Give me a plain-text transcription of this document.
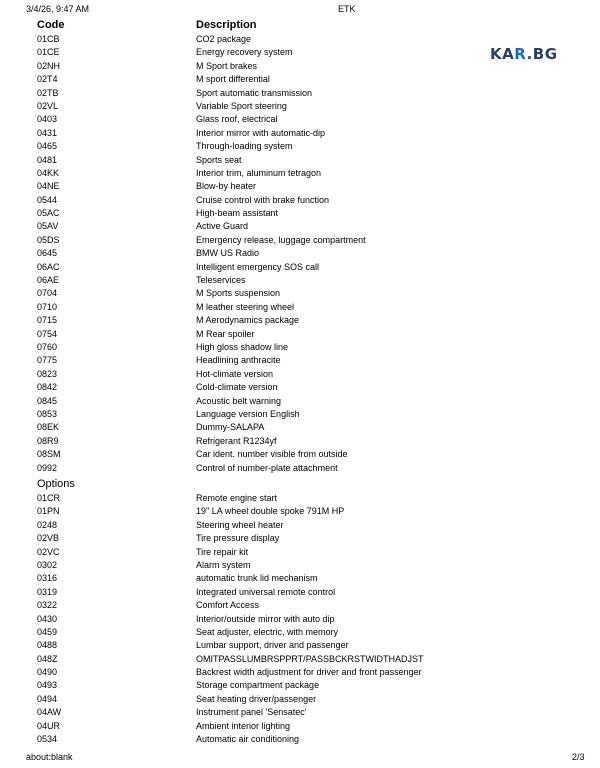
3/4/26, 9:47 AM	ETK
KAR.BG
Code	Description
01CB	CO2 package
01CE	Energy recovery system
02NH	M Sport brakes
02T4	M sport differential
02TB	Sport automatic transmission
02VL	Variable Sport steering
0403	Glass roof, electrical
0431	Interior mirror with automatic-dip
0465	Through-loading system
0481	Sports seat
04KK	Interior trim, aluminum tetragon
04NE	Blow-by heater
0544	Cruise control with brake function
05AC	High-beam assistant
05AV	Active Guard
05DS	Emergency release, luggage compartment
0645	BMW US Radio
06AC	Intelligent emergency SOS call
06AE	Teleservices
0704	M Sports suspension
0710	M leather steering wheel
0715	M Aerodynamics package
0754	M Rear spoiler
0760	High gloss shadow line
0775	Headlining anthracite
0823	Hot-climate version
0842	Cold-climate version
0845	Acoustic belt warning
0853	Language version English
08EK	Dummy-SALAPA
08R9	Refrigerant R1234yf
08SM	Car ident. number visible from outside
0992	Control of number-plate attachment
Options
01CR	Remote engine start
01PN	19" LA wheel double spoke 791M HP
0248	Steering wheel heater
02VB	Tire pressure display
02VC	Tire repair kit
0302	Alarm system
0316	automatic trunk lid mechanism
0319	Integrated universal remote control
0322	Comfort Access
0430	Interior/outside mirror with auto dip
0459	Seat adjuster, electric, with memory
0488	Lumbar support, driver and passenger
048Z	OMITPASSLUMBRSPPRT/PASSBCKRSTWIDTHADJST
0490	Backrest width adjustment for driver and front passenger
0493	Storage compartment package
0494	Seat heating driver/passenger
04AW	Instrument panel 'Sensatec'
04UR	Ambient interior lighting
0534	Automatic air conditioning
about:blank	2/3
